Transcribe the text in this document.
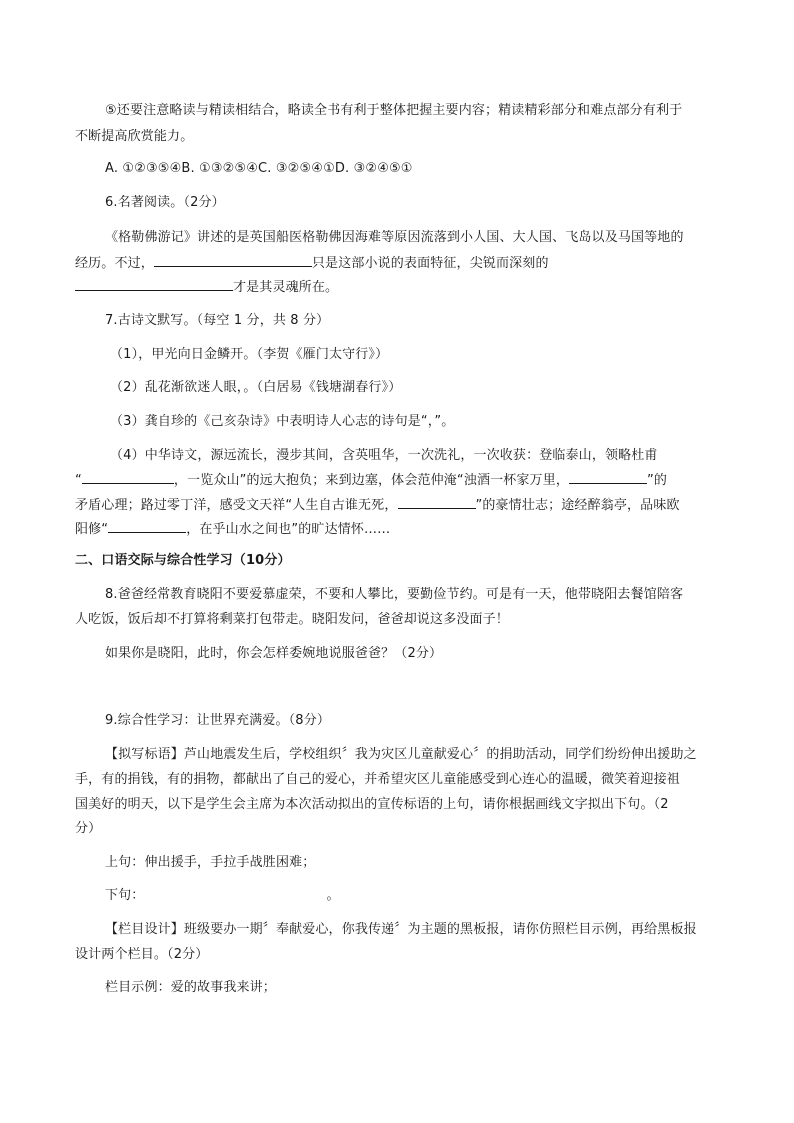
⑤还要注意略读与精读相结合，略读全书有利于整体把握主要内容；精读精彩部分和难点部分有利于
不断提高欣赏能力。
A. ①②③⑤④B. ①③②⑤④C. ③②⑤④①D. ③②④⑤①
6.名著阅读。（2分）
《格勒佛游记》讲述的是英国船医格勒佛因海难等原因流落到小人国、大人国、飞岛以及马国等地的
经历。不过，	只是这部小说的表面特征，尖锐而深刻的
才是其灵魂所在。
7.古诗文默写。（每空 1 分，共 8 分）
（1），甲光向日金鳞开。（李贺《雁门太守行》）
（2）乱花渐欲迷人眼，。（白居易《钱塘湖春行》）
（3）龚自珍的《己亥杂诗》中表明诗人心志的诗句是“，”。
（4）中华诗文，源远流长，漫步其间，含英咀华，一次洗礼，一次收获：登临泰山，领略杜甫
“	，一览众山”的远大抱负；来到边塞，体会范仲淹“浊酒一杯家万里，	”的
矛盾心理；路过零丁洋，感受文天祥“人生自古谁无死，	”的豪情壮志；途经醉翁亭，品味欧
阳修“	，在乎山水之间也”的旷达情怀……
二、口语交际与综合性学习（10分）
8.爸爸经常教育晓阳不要爱慕虚荣，不要和人攀比，要勤俭节约。可是有一天，他带晓阳去餐馆陪客
人吃饭，饭后却不打算将剩菜打包带走。晓阳发问，爸爸却说这多没面子！
如果你是晓阳，此时，你会怎样委婉地说服爸爸？（2分）
9.综合性学习：让世界充满爱。（8分）
【拟写标语】芦山地震发生后，学校组织〞我为灾区儿童献爱心〞的捐助活动，同学们纷纷伸出援助之
手，有的捐钱，有的捐物，都献出了自己的爱心，并希望灾区儿童能感受到心连心的温暖，微笑着迎接祖
国美好的明天，以下是学生会主席为本次活动拟出的宣传标语的上句，请你根据画线文字拟出下句。（2
分）
上句：伸出援手，手拉手战胜困难；
下句：	。
【栏目设计】班级要办一期〞奉献爱心，你我传递〞为主题的黑板报，请你仿照栏目示例，再给黑板报
设计两个栏目。（2分）
栏目示例：爱的故事我来讲；
